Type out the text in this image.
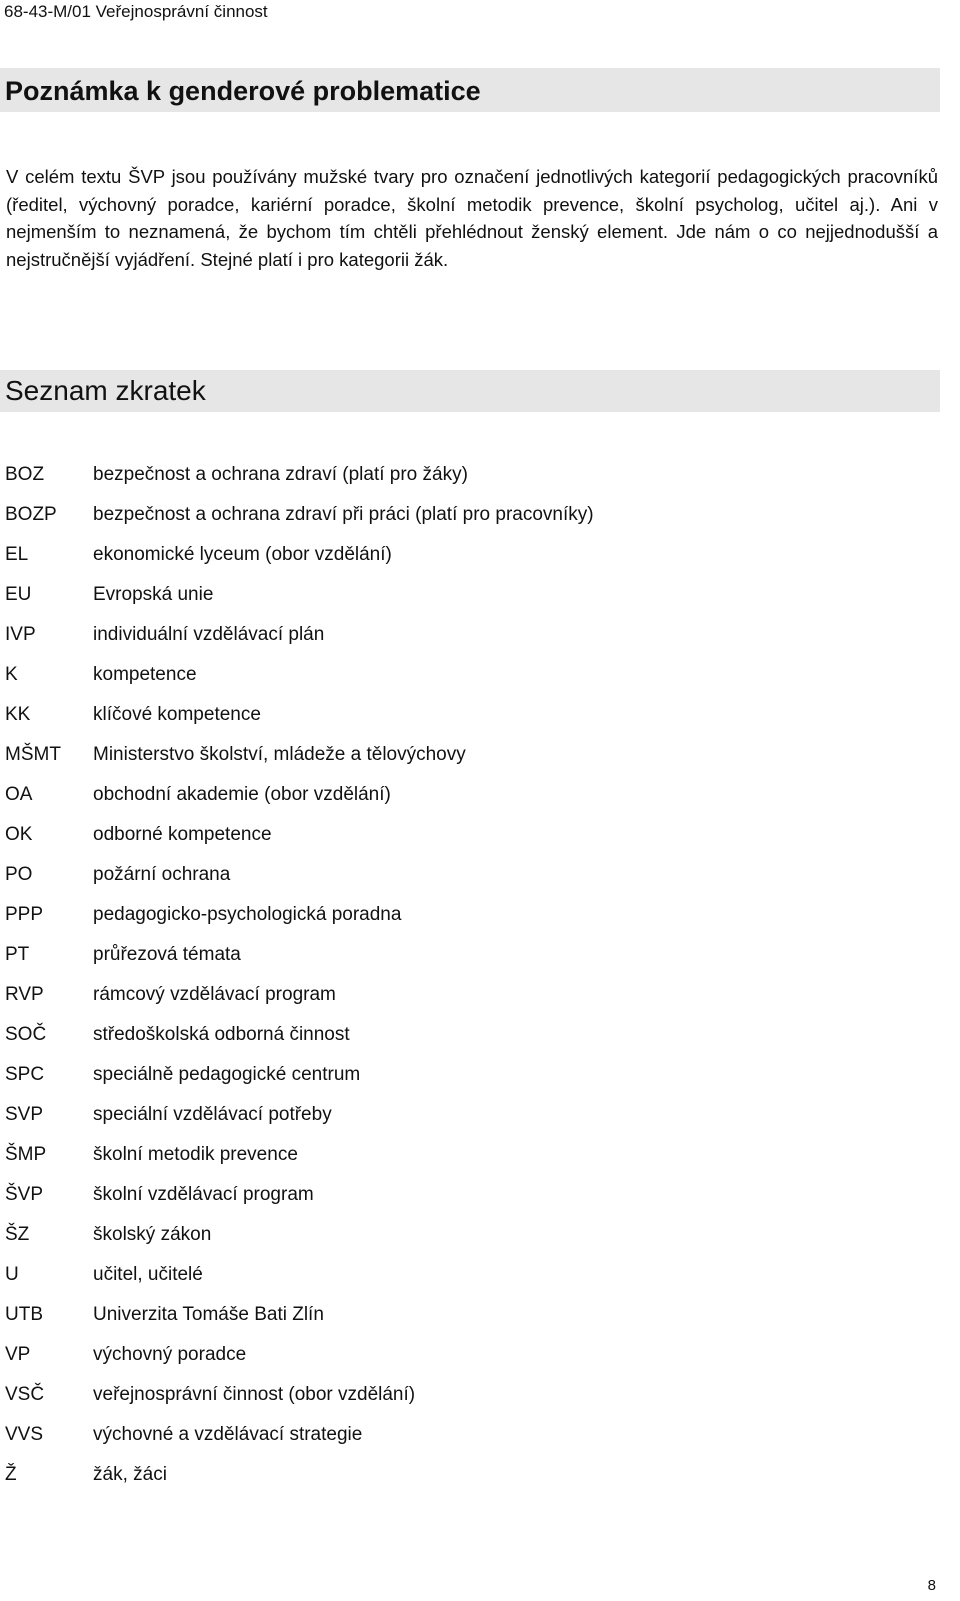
68-43-M/01 Veřejnosprávní činnost
Poznámka k genderové problematice

V celém textu ŠVP jsou používány mužské tvary pro označení jednotlivých kategorií pedagogických pracovníků (ředitel, výchovný poradce, kariérní poradce, školní metodik prevence, školní psycholog, učitel aj.). Ani v nejmenším to neznamená, že bychom tím chtěli přehlédnout ženský element. Jde nám o co nejjednodušší a nejstručnější vyjádření. Stejné platí i pro kategorii žák.

Seznam zkratek
BOZ	bezpečnost a ochrana zdraví (platí pro žáky)
BOZP	bezpečnost a ochrana zdraví při práci (platí pro pracovníky)
EL	ekonomické lyceum (obor vzdělání)
EU	Evropská unie
IVP	individuální vzdělávací plán
K	kompetence
KK	klíčové kompetence
MŠMT	Ministerstvo školství, mládeže a tělovýchovy
OA	obchodní akademie (obor vzdělání)
OK	odborné kompetence
PO	požární ochrana
PPP	pedagogicko-psychologická poradna
PT	průřezová témata
RVP	rámcový vzdělávací program
SOČ	středoškolská odborná činnost
SPC	speciálně pedagogické centrum
SVP	speciální vzdělávací potřeby
ŠMP	školní metodik prevence
ŠVP	školní vzdělávací program
ŠZ	školský zákon
U	učitel, učitelé
UTB	Univerzita Tomáše Bati Zlín
VP	výchovný poradce
VSČ	veřejnosprávní činnost (obor vzdělání)
VVS	výchovné a vzdělávací strategie
Ž	žák, žáci
8
